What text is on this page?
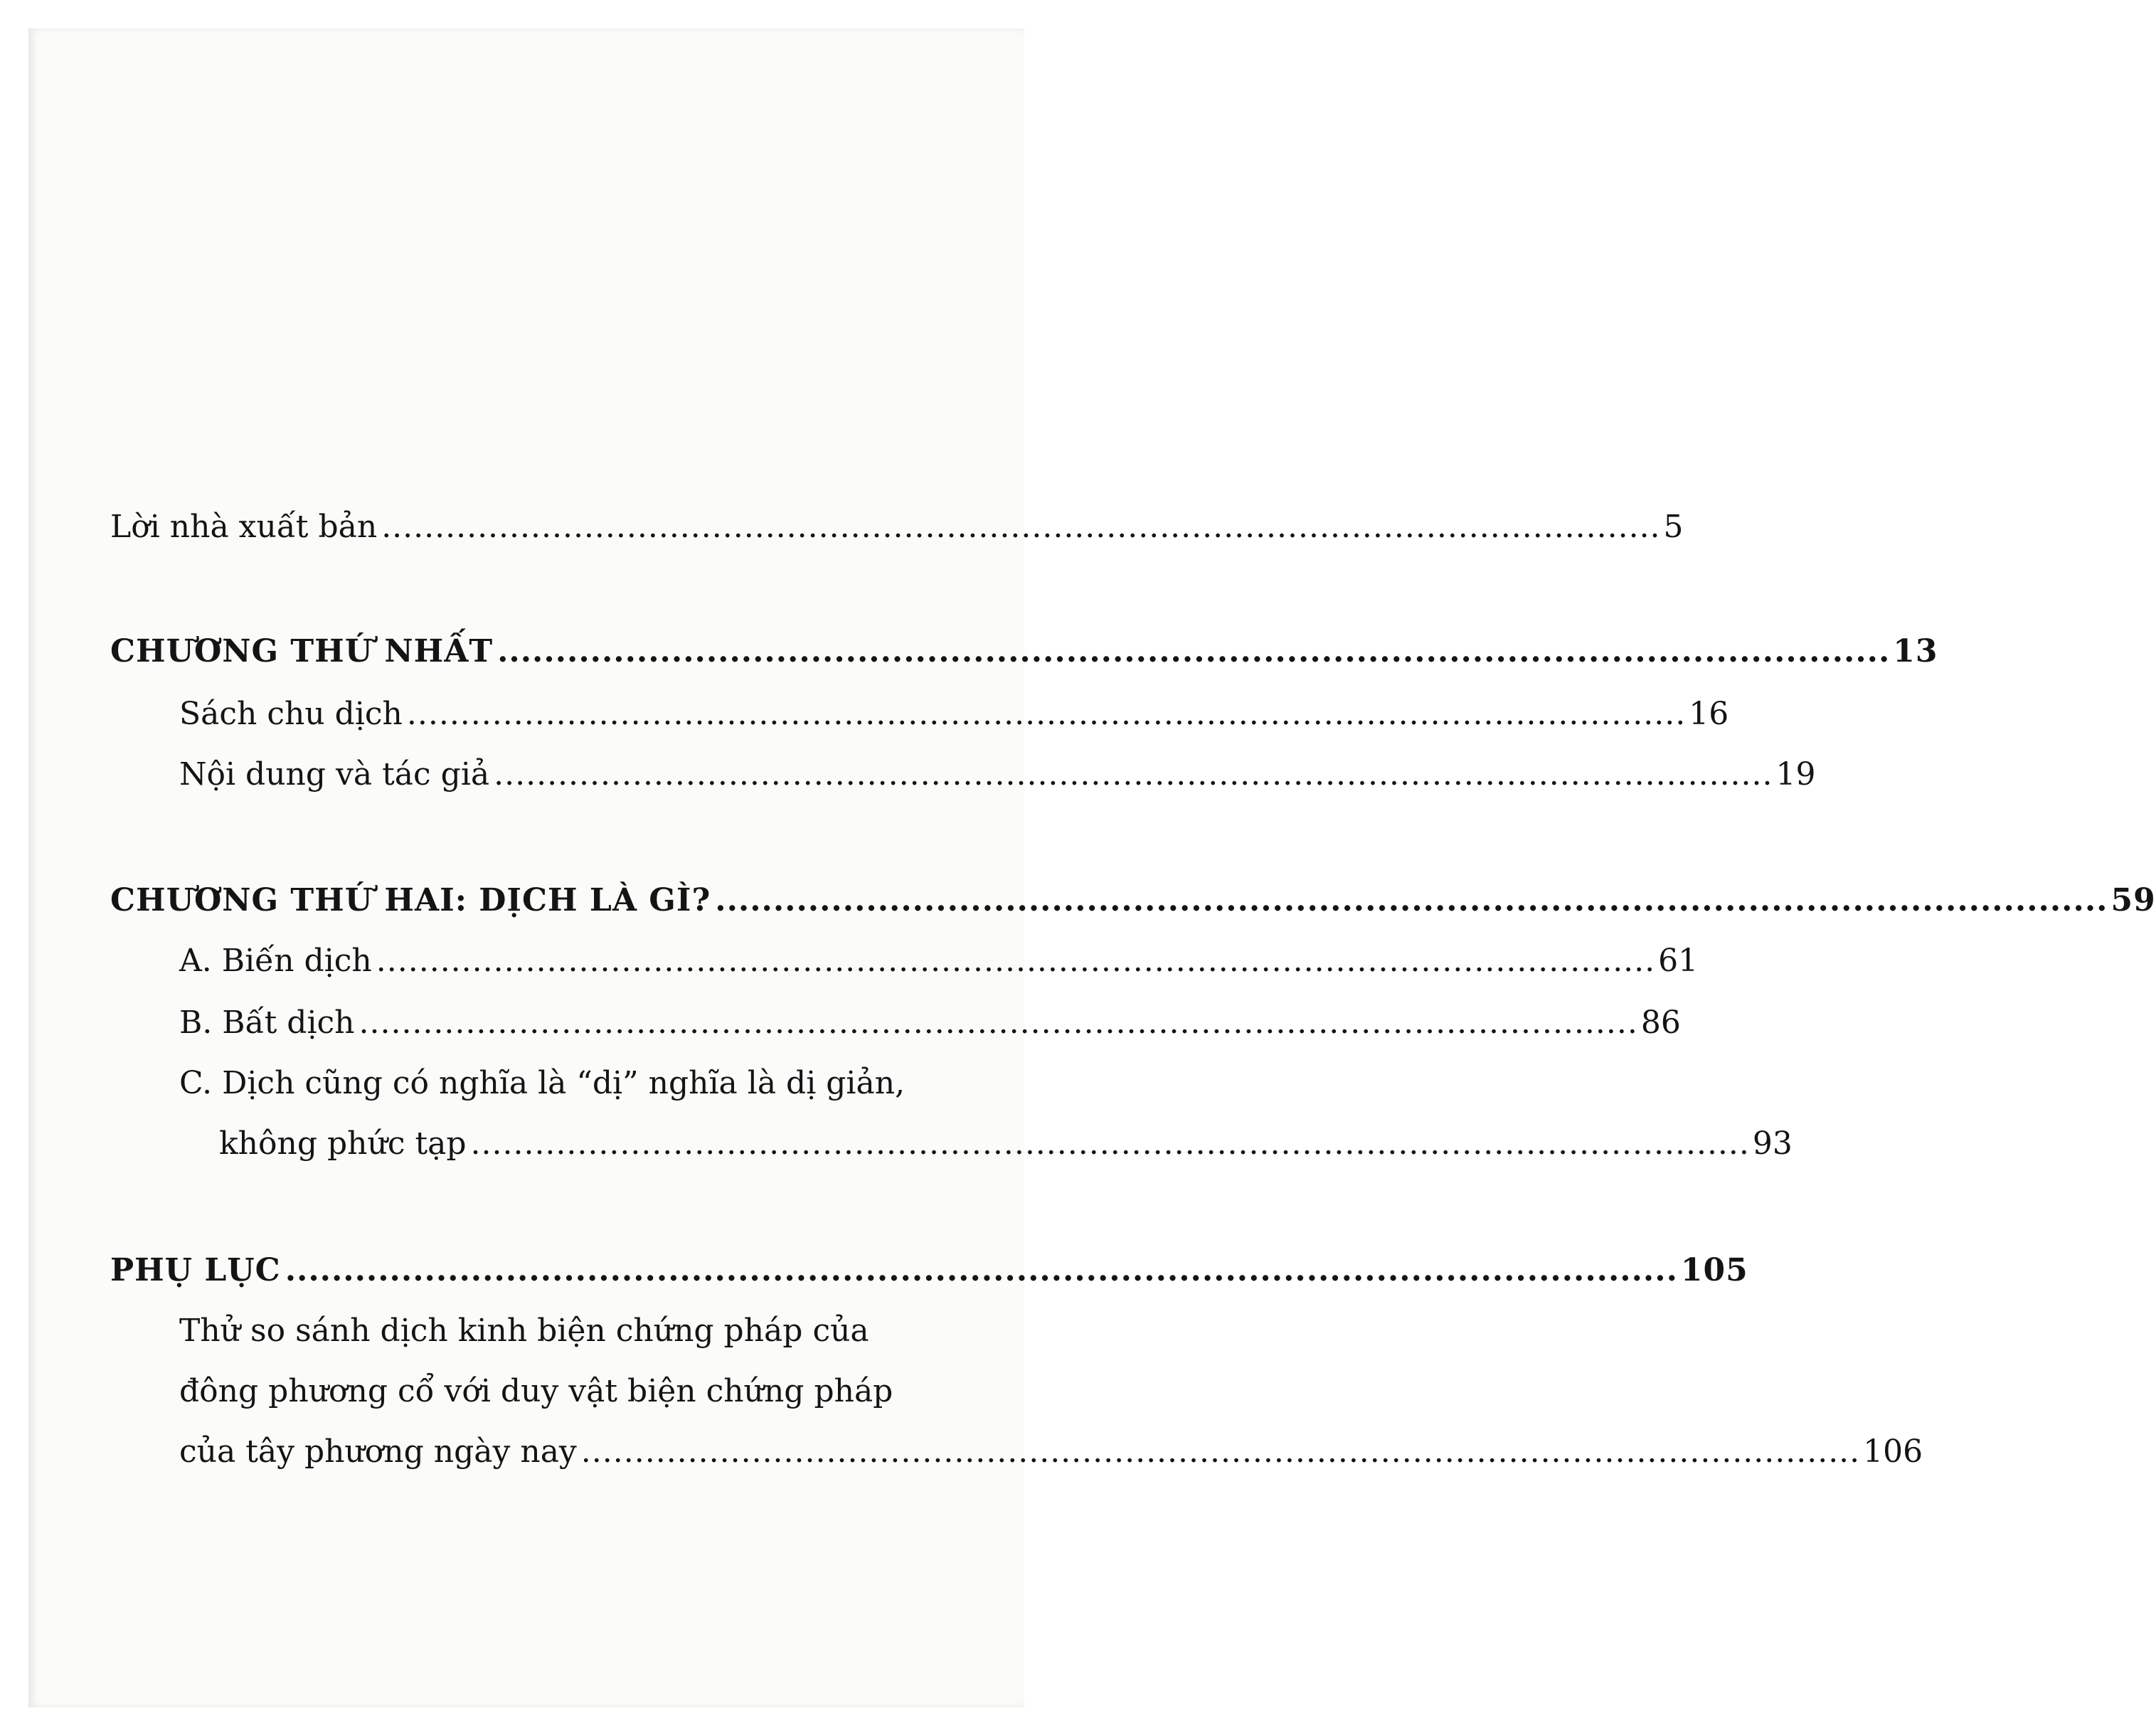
Lời nhà xuất bản ........................................................................................................................ 5
CHƯƠNG THỨ NHẤT ........................................................................................................................ 13
Sách chu dịch ........................................................................................................................ 16
Nội dung và tác giả ........................................................................................................................ 19
CHƯƠNG THỨ HAI: DỊCH LÀ GÌ? ........................................................................................................................ 59
A. Biến dịch ........................................................................................................................ 61
B. Bất dịch ........................................................................................................................ 86
C. Dịch cũng có nghĩa là “dị” nghĩa là dị giản,
không phức tạp ........................................................................................................................ 93
PHỤ LỤC ........................................................................................................................ 105
Thử so sánh dịch kinh biện chứng pháp của
đông phương cổ với duy vật biện chứng pháp
của tây phương ngày nay ........................................................................................................................ 106
